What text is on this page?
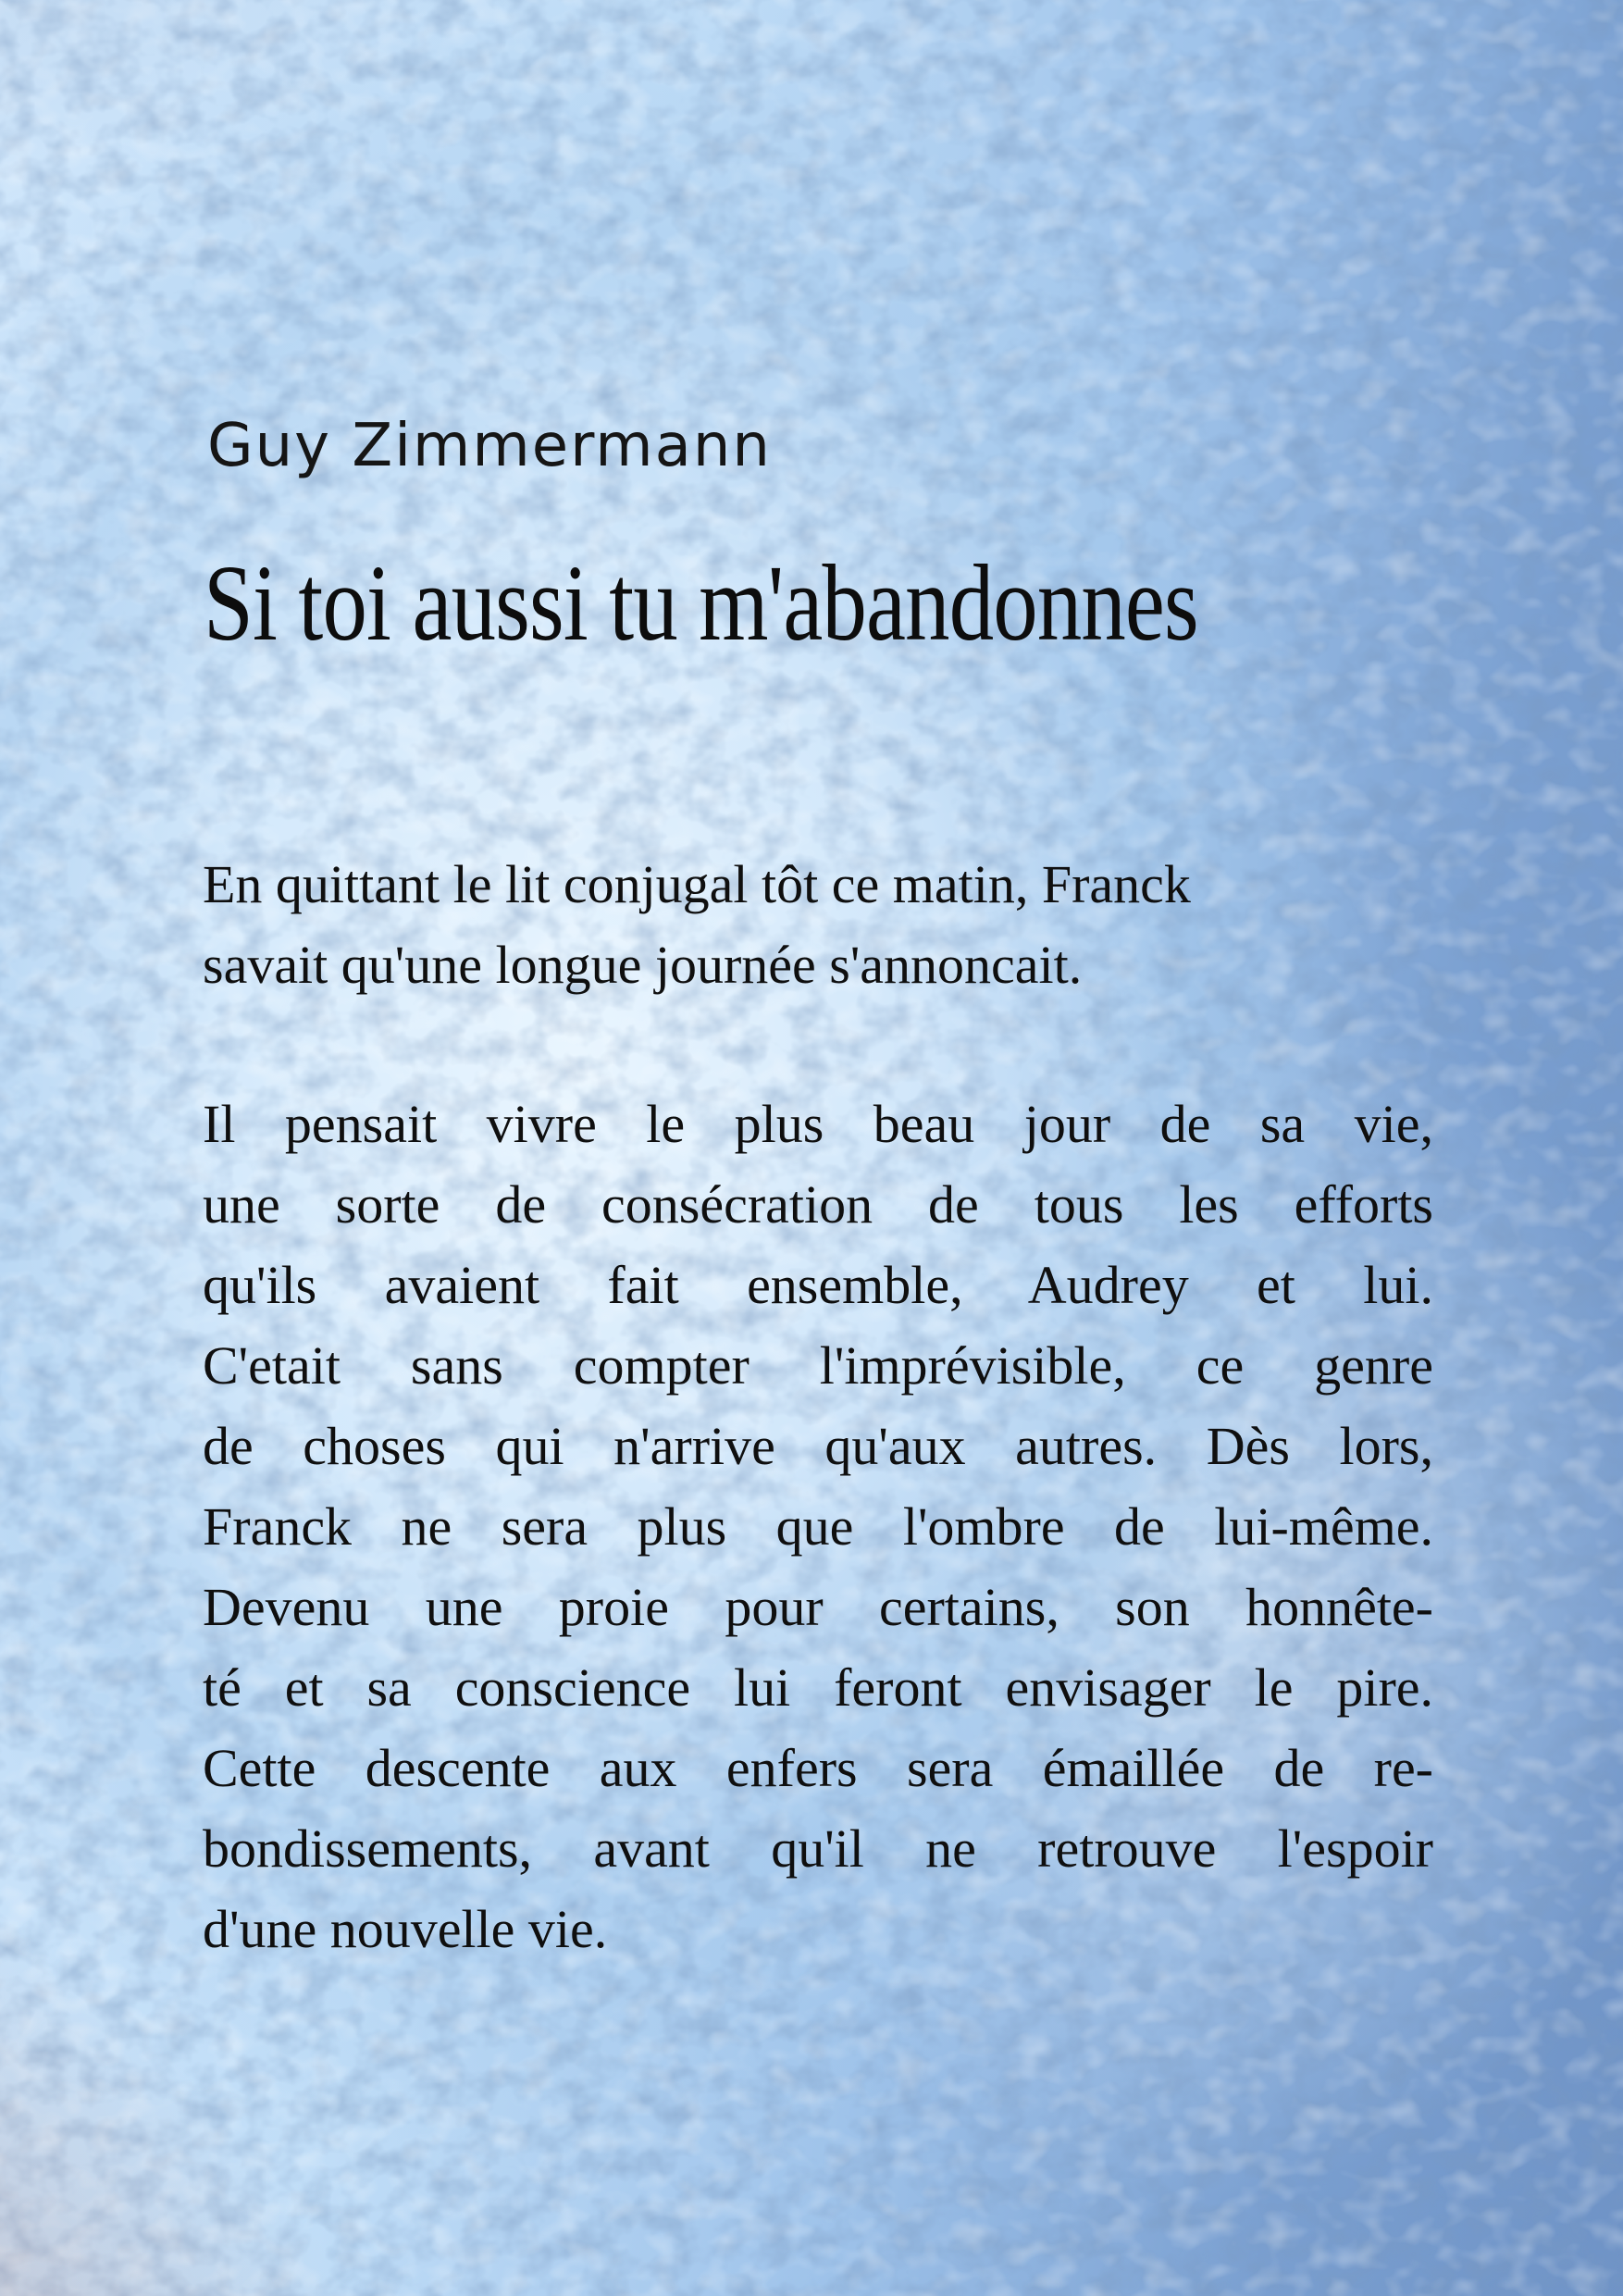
Guy Zimmermann
Si toi aussi tu m'abandonnes
En quittant le lit conjugal tôt ce matin, Franck
savait qu'une longue journée s'annoncait.
Il pensait vivre le plus beau jour de sa vie,
une sorte de consécration de tous les efforts
qu'ils avaient fait ensemble, Audrey et lui.
C'etait sans compter l'imprévisible, ce genre
de choses qui n'arrive qu'aux autres. Dès lors,
Franck ne sera plus que l'ombre de lui-même.
Devenu une proie pour certains, son honnête-
té et sa conscience lui feront envisager le pire.
Cette descente aux enfers sera émaillée de re-
bondissements, avant qu'il ne retrouve l'espoir
d'une nouvelle vie.
